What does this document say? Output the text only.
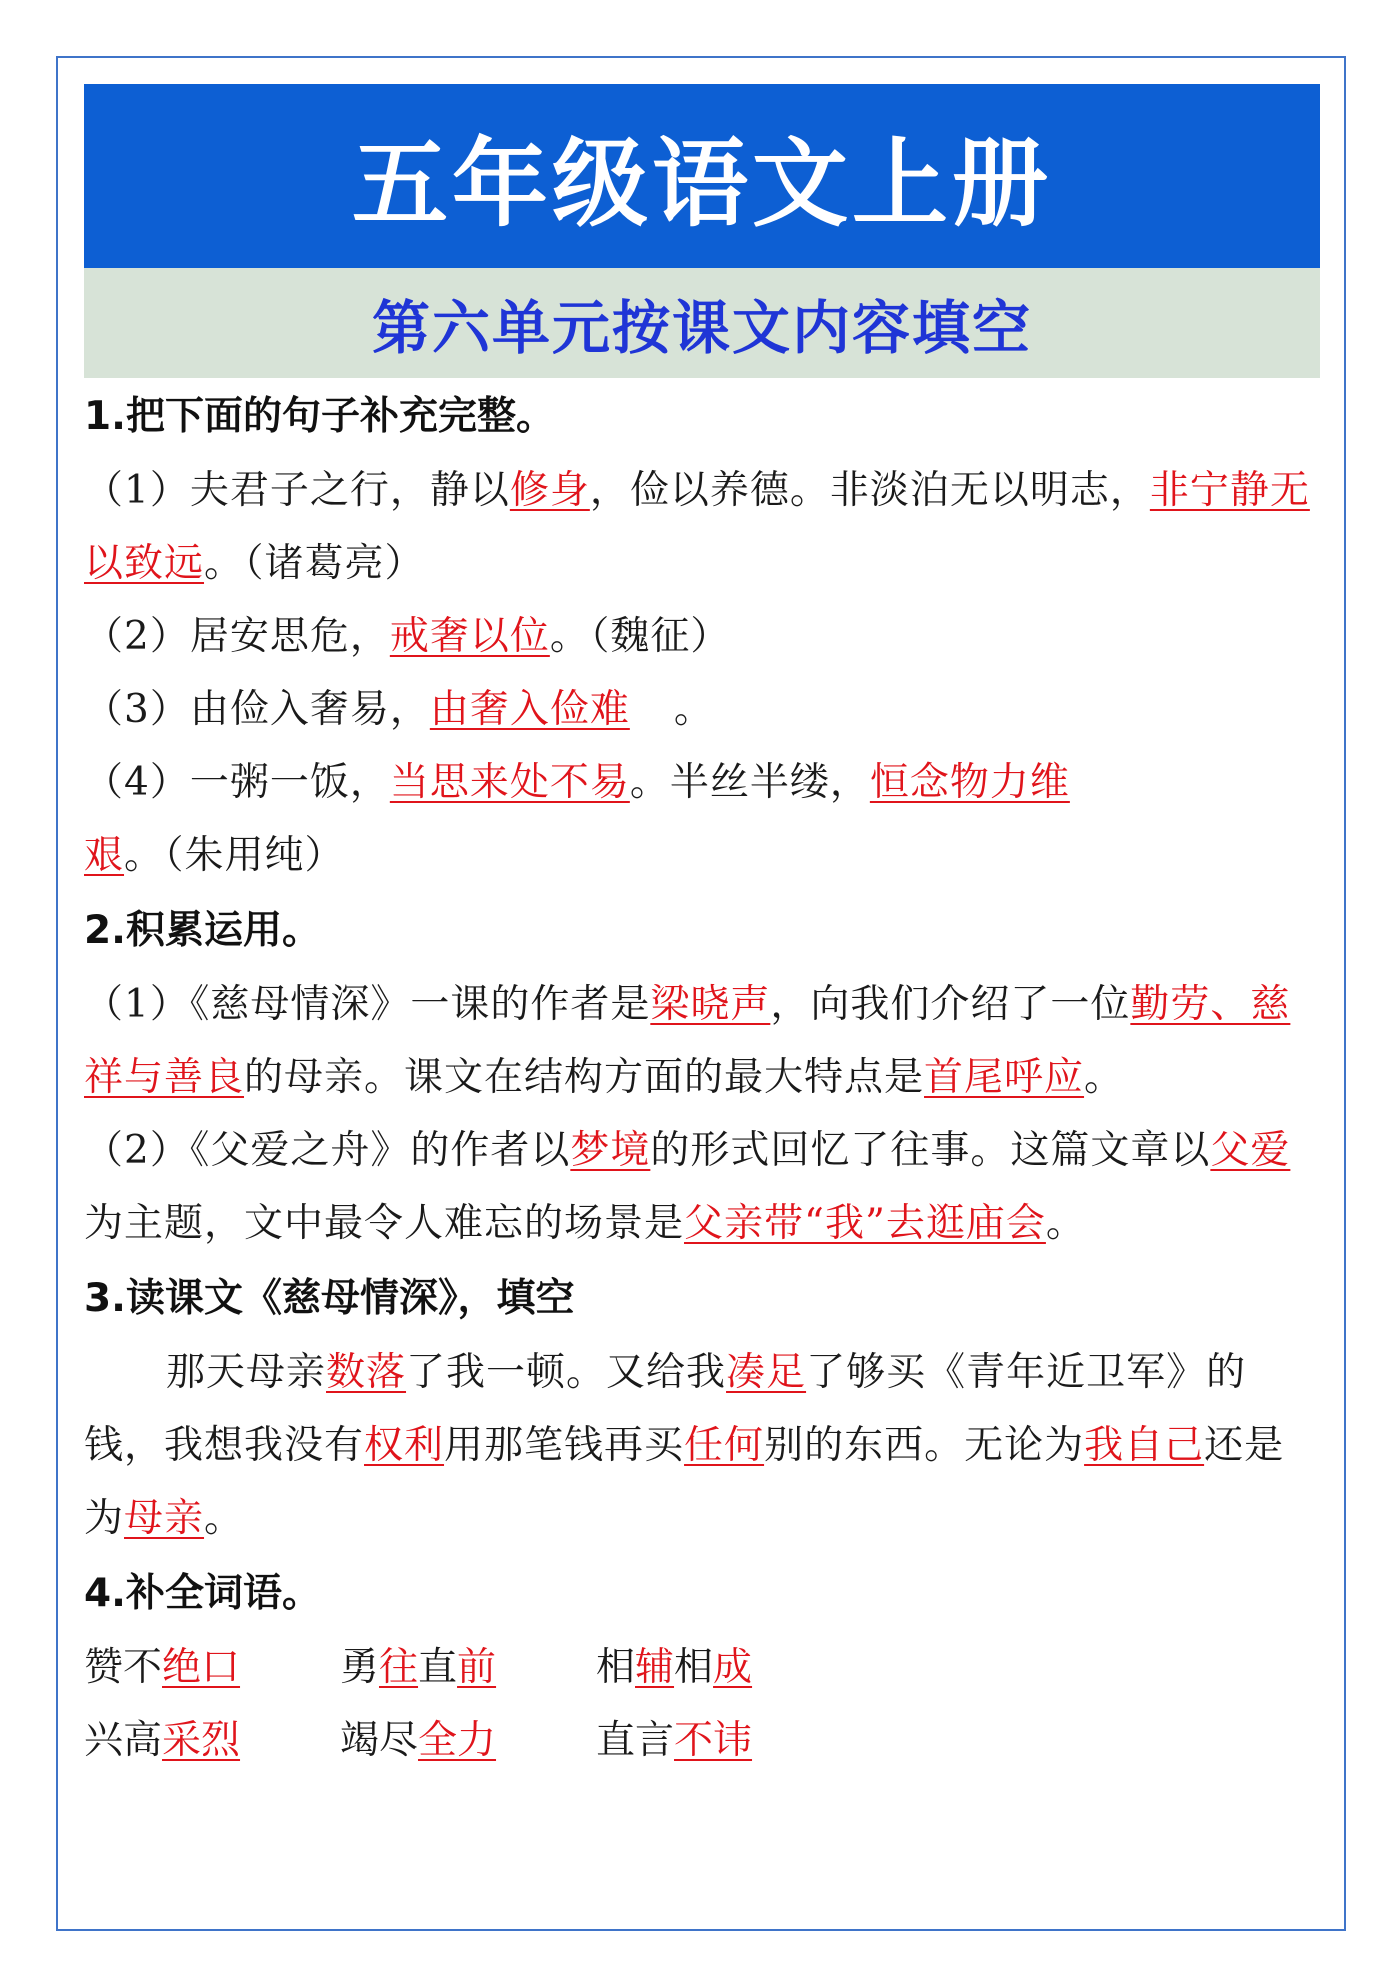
五年级语文上册
第六单元按课文内容填空
1.把下面的句子补充完整。
（1）夫君子之行，静以修身，俭以养德。非淡泊无以明志，非宁静无以致远。（诸葛亮）
（2）居安思危，戒奢以位。（魏征）
（3）由俭入奢易，由奢入俭难 。
（4）一粥一饭，当思来处不易。半丝半缕，恒念物力维艰。（朱用纯）
2.积累运用。
（1）《慈母情深》一课的作者是梁晓声，向我们介绍了一位勤劳、慈祥与善良的母亲。课文在结构方面的最大特点是首尾呼应。
（2）《父爱之舟》的作者以梦境的形式回忆了往事。这篇文章以父爱为主题，文中最令人难忘的场景是父亲带“我”去逛庙会。
3.读课文《慈母情深》，填空
那天母亲数落了我一顿。又给我凑足了够买《青年近卫军》的钱，我想我没有权利用那笔钱再买任何别的东西。无论为我自己还是为母亲。
4.补全词语。
赞不绝口	勇往直前	相辅相成
兴高采烈	竭尽全力	直言不讳
